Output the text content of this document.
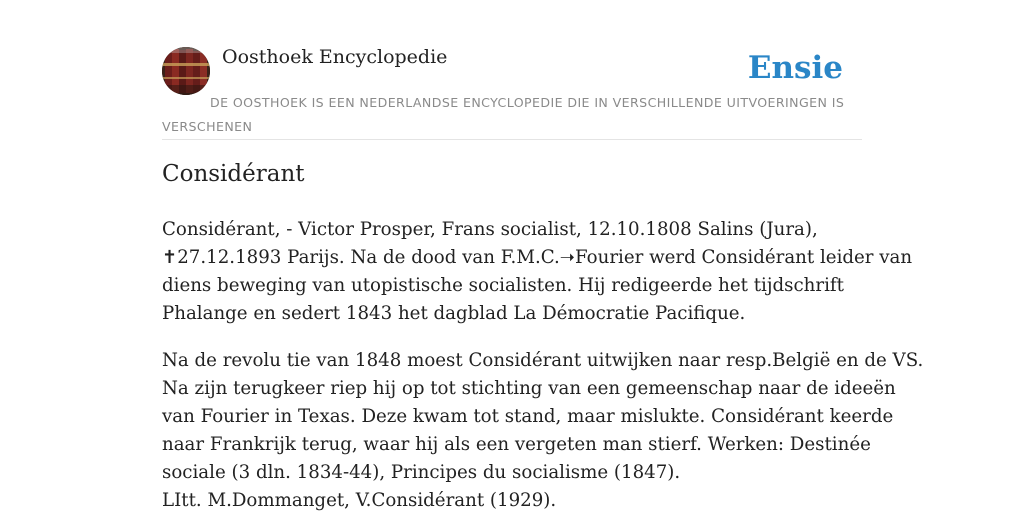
Oosthoek Encyclopedie	Ensie
DE OOSTHOEK IS EEN NEDERLANDSE ENCYCLOPEDIE DIE IN VERSCHILLENDE UITVOERINGEN IS VERSCHENEN
Considérant

Considérant, - Victor Prosper, Frans socialist, 12.10.1808 Salins (Jura),
✝27.12.1893 Parijs. Na de dood van F.M.C.➝Fourier werd Considérant leider van
diens beweging van utopistische socialisten. Hij redigeerde het tijdschrift
Phalange en sedert 1843 het dagblad La Démocratie Pacifique.

Na de revolu tie van 1848 moest Considérant uitwijken naar resp.België en de VS.
Na zijn terugkeer riep hij op tot stichting van een gemeenschap naar de ideeën
van Fourier in Texas. Deze kwam tot stand, maar mislukte. Considérant keerde
naar Frankrijk terug, waar hij als een vergeten man stierf. Werken: Destinée
sociale (3 dln. 1834-44), Principes du socialisme (1847).
LItt. M.Dommanget, V.Considérant (1929).
